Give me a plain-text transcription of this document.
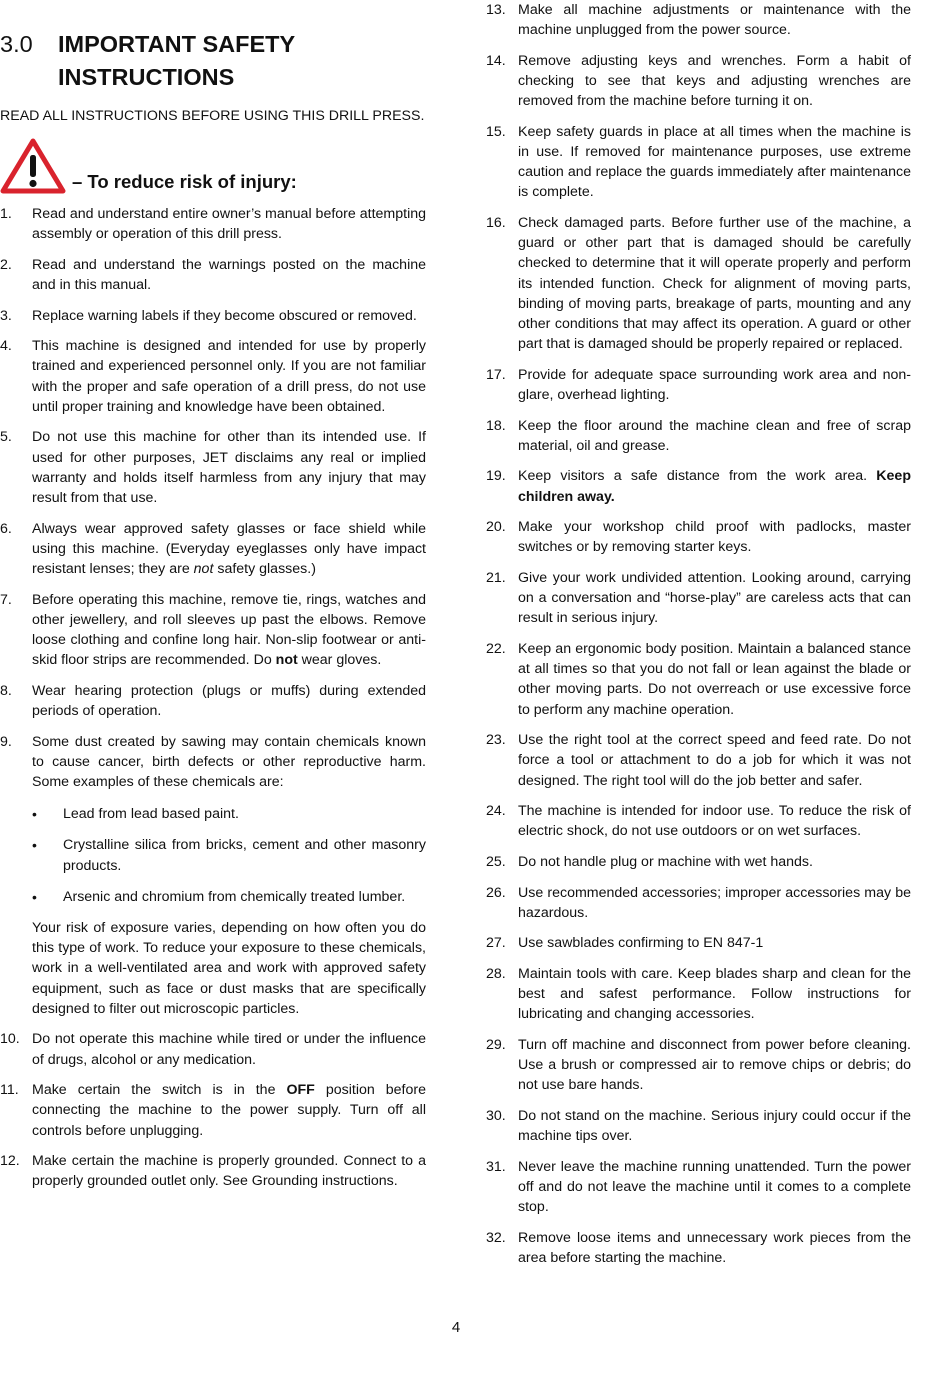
3.0	IMPORTANT SAFETY INSTRUCTIONS
READ ALL INSTRUCTIONS BEFORE USING THIS DRILL PRESS.
– To reduce risk of injury:
1.	Read and understand entire owner’s manual before attempting assembly or operation of this drill press.
2.	Read and understand the warnings posted on the machine and in this manual.
3.	Replace warning labels if they become obscured or removed.
4.	This machine is designed and intended for use by properly trained and experienced personnel only. If you are not familiar with the proper and safe operation of a drill press, do not use until proper training and knowledge have been obtained.
5.	Do not use this machine for other than its intended use. If used for other purposes, JET disclaims any real or implied warranty and holds itself harmless from any injury that may result from that use.
6.	Always wear approved safety glasses or face shield while using this machine. (Everyday eyeglasses only have impact resistant lenses; they are not safety glasses.)
7.	Before operating this machine, remove tie, rings, watches and other jewellery, and roll sleeves up past the elbows. Remove loose clothing and confine long hair. Non-slip footwear or anti-skid floor strips are recommended. Do not wear gloves.
8.	Wear hearing protection (plugs or muffs) during extended periods of operation.
9.	Some dust created by sawing may contain chemicals known to cause cancer, birth defects or other reproductive harm. Some examples of these chemicals are:
•	Lead from lead based paint.
•	Crystalline silica from bricks, cement and other masonry products.
•	Arsenic and chromium from chemically treated lumber.
Your risk of exposure varies, depending on how often you do this type of work. To reduce your exposure to these chemicals, work in a well-ventilated area and work with approved safety equipment, such as face or dust masks that are specifically designed to filter out microscopic particles.
10. Do not operate this machine while tired or under the influence of drugs, alcohol or any medication.
11. Make certain the switch is in the OFF position before connecting the machine to the power supply. Turn off all controls before unplugging.
12. Make certain the machine is properly grounded. Connect to a properly grounded outlet only. See Grounding instructions.
13. Make all machine adjustments or maintenance with the machine unplugged from the power source.
14. Remove adjusting keys and wrenches. Form a habit of checking to see that keys and adjusting wrenches are removed from the machine before turning it on.
15. Keep safety guards in place at all times when the machine is in use. If removed for maintenance purposes, use extreme caution and replace the guards immediately after maintenance is complete.
16. Check damaged parts. Before further use of the machine, a guard or other part that is damaged should be carefully checked to determine that it will operate properly and perform its intended function. Check for alignment of moving parts, binding of moving parts, breakage of parts, mounting and any other conditions that may affect its operation. A guard or other part that is damaged should be properly repaired or replaced.
17. Provide for adequate space surrounding work area and non-glare, overhead lighting.
18. Keep the floor around the machine clean and free of scrap material, oil and grease.
19. Keep visitors a safe distance from the work area. Keep children away.
20. Make your workshop child proof with padlocks, master switches or by removing starter keys.
21. Give your work undivided attention. Looking around, carrying on a conversation and “horse-play” are careless acts that can result in serious injury.
22. Keep an ergonomic body position. Maintain a balanced stance at all times so that you do not fall or lean against the blade or other moving parts. Do not overreach or use excessive force to perform any machine operation.
23. Use the right tool at the correct speed and feed rate. Do not force a tool or attachment to do a job for which it was not designed. The right tool will do the job better and safer.
24. The machine is intended for indoor use. To reduce the risk of electric shock, do not use outdoors or on wet surfaces.
25. Do not handle plug or machine with wet hands.
26. Use recommended accessories; improper accessories may be hazardous.
27. Use sawblades confirming to EN 847-1
28. Maintain tools with care. Keep blades sharp and clean for the best and safest performance. Follow instructions for lubricating and changing accessories.
29. Turn off machine and disconnect from power before cleaning. Use a brush or compressed air to remove chips or debris; do not use bare hands.
30. Do not stand on the machine. Serious injury could occur if the machine tips over.
31. Never leave the machine running unattended. Turn the power off and do not leave the machine until it comes to a complete stop.
32. Remove loose items and unnecessary work pieces from the area before starting the machine.
4
